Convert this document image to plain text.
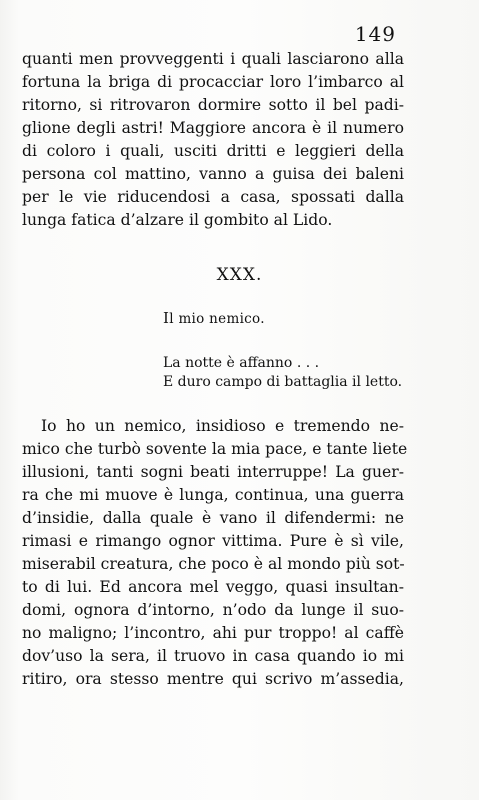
149
quanti men provveggenti i quali lasciarono alla
fortuna la briga di procacciar loro l’imbarco al
ritorno, si ritrovaron dormire sotto il bel padi-
glione degli astri! Maggiore ancora è il numero
di coloro i quali, usciti dritti e leggieri della
persona col mattino, vanno a guisa dei baleni
per le vie riducendosi a casa, spossati dalla
lunga fatica d’alzare il gombito al Lido.
XXX.
Il mio nemico.
La notte è affanno . . .
E duro campo di battaglia il letto.
Io ho un nemico, insidioso e tremendo ne-
mico che turbò sovente la mia pace, e tante liete
illusioni, tanti sogni beati interruppe! La guer-
ra che mi muove è lunga, continua, una guerra
d’insidie, dalla quale è vano il difendermi: ne
rimasi e rimango ognor vittima. Pure è sì vile,
miserabil creatura, che poco è al mondo più sot-
to di lui. Ed ancora mel veggo, quasi insultan-
domi, ognora d’intorno, n’odo da lunge il suo-
no maligno; l’incontro, ahi pur troppo! al caffè
dov’uso la sera, il truovo in casa quando io mi
ritiro, ora stesso mentre qui scrivo m’assedia,
